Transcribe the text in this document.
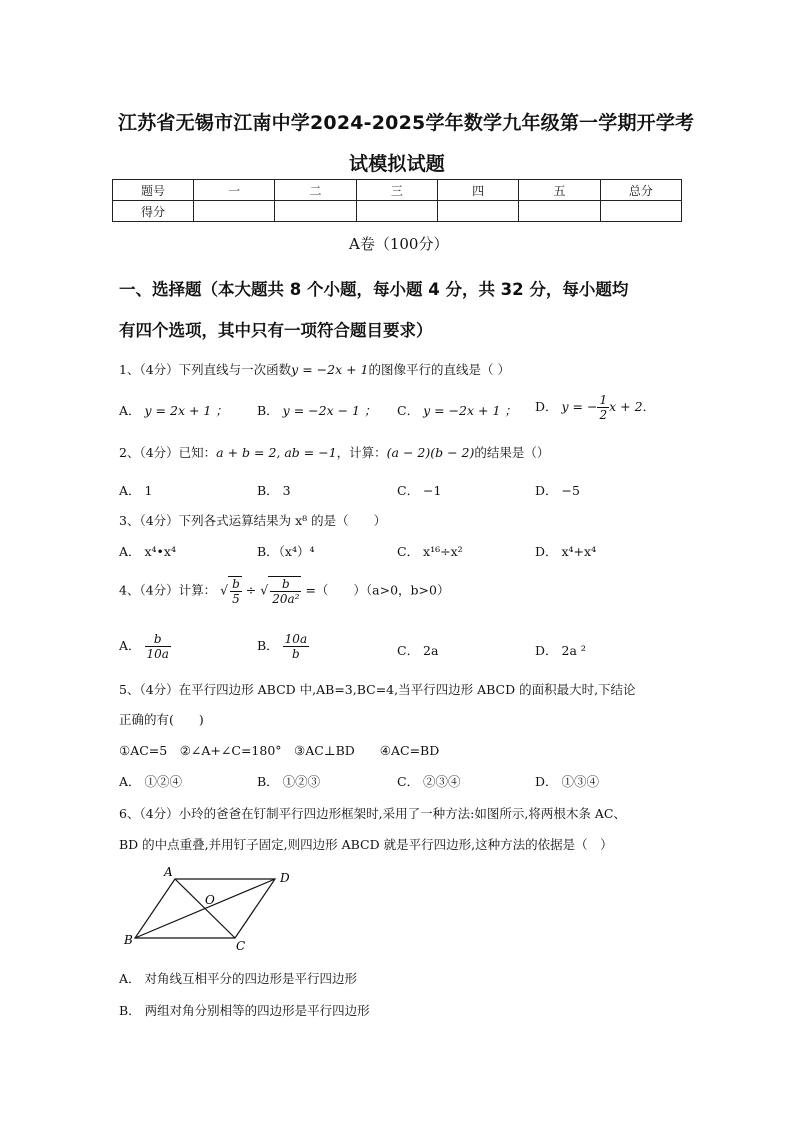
江苏省无锡市江南中学2024-2025学年数学九年级第一学期开学考
试模拟试题
题号	一	二	三	四	五	总分
得分						
A卷（100分）
一、选择题（本大题共 8 个小题，每小题 4 分，共 32 分，每小题均
有四个选项，其中只有一项符合题目要求）
1、（4分）下列直线与一次函数y = −2x + 1的图像平行的直线是（ ）
A． y = 2x + 1 ； B． y = −2x − 1 ； C． y = −2x + 1 ； D． y = − $\frac{1}{2}$ x + 2．
2、（4分）已知：a + b = 2, ab = −1，计算：(a − 2)(b − 2)的结果是（）
A． 1	B． 3	C． −1	D． −5
3、（4分）下列各式运算结果为 x⁸ 的是（　　）
A． x⁴•x⁴	B．（x⁴）⁴	C． x¹⁶÷x²	D． x⁴+x⁴
4、（4分）计算： √ $\frac{b}{5}$ ÷ √ $\frac{b}{\text{20a²}}$ =（　　）（a>0，b>0）
A． $\frac{b}{10a}$	B． $\frac{10a}{b}$	C． 2a	D． 2a ²
5、（4分）在平行四边形 ABCD 中,AB=3,BC=4,当平行四边形 ABCD 的面积最大时,下结论
正确的有(　　)
①AC=5　②∠A+∠C=180°　③AC⊥BD　　④AC=BD
A． ①②④	B． ①②③	C． ②③④	D． ①③④
6、（4分）小玲的爸爸在钉制平行四边形框架时,采用了一种方法:如图所示,将两根木条 AC、
BD 的中点重叠,并用钉子固定,则四边形 ABCD 就是平行四边形,这种方法的依据是（　）
A	D
B	C
O
A． 对角线互相平分的四边形是平行四边形
B． 两组对角分别相等的四边形是平行四边形
